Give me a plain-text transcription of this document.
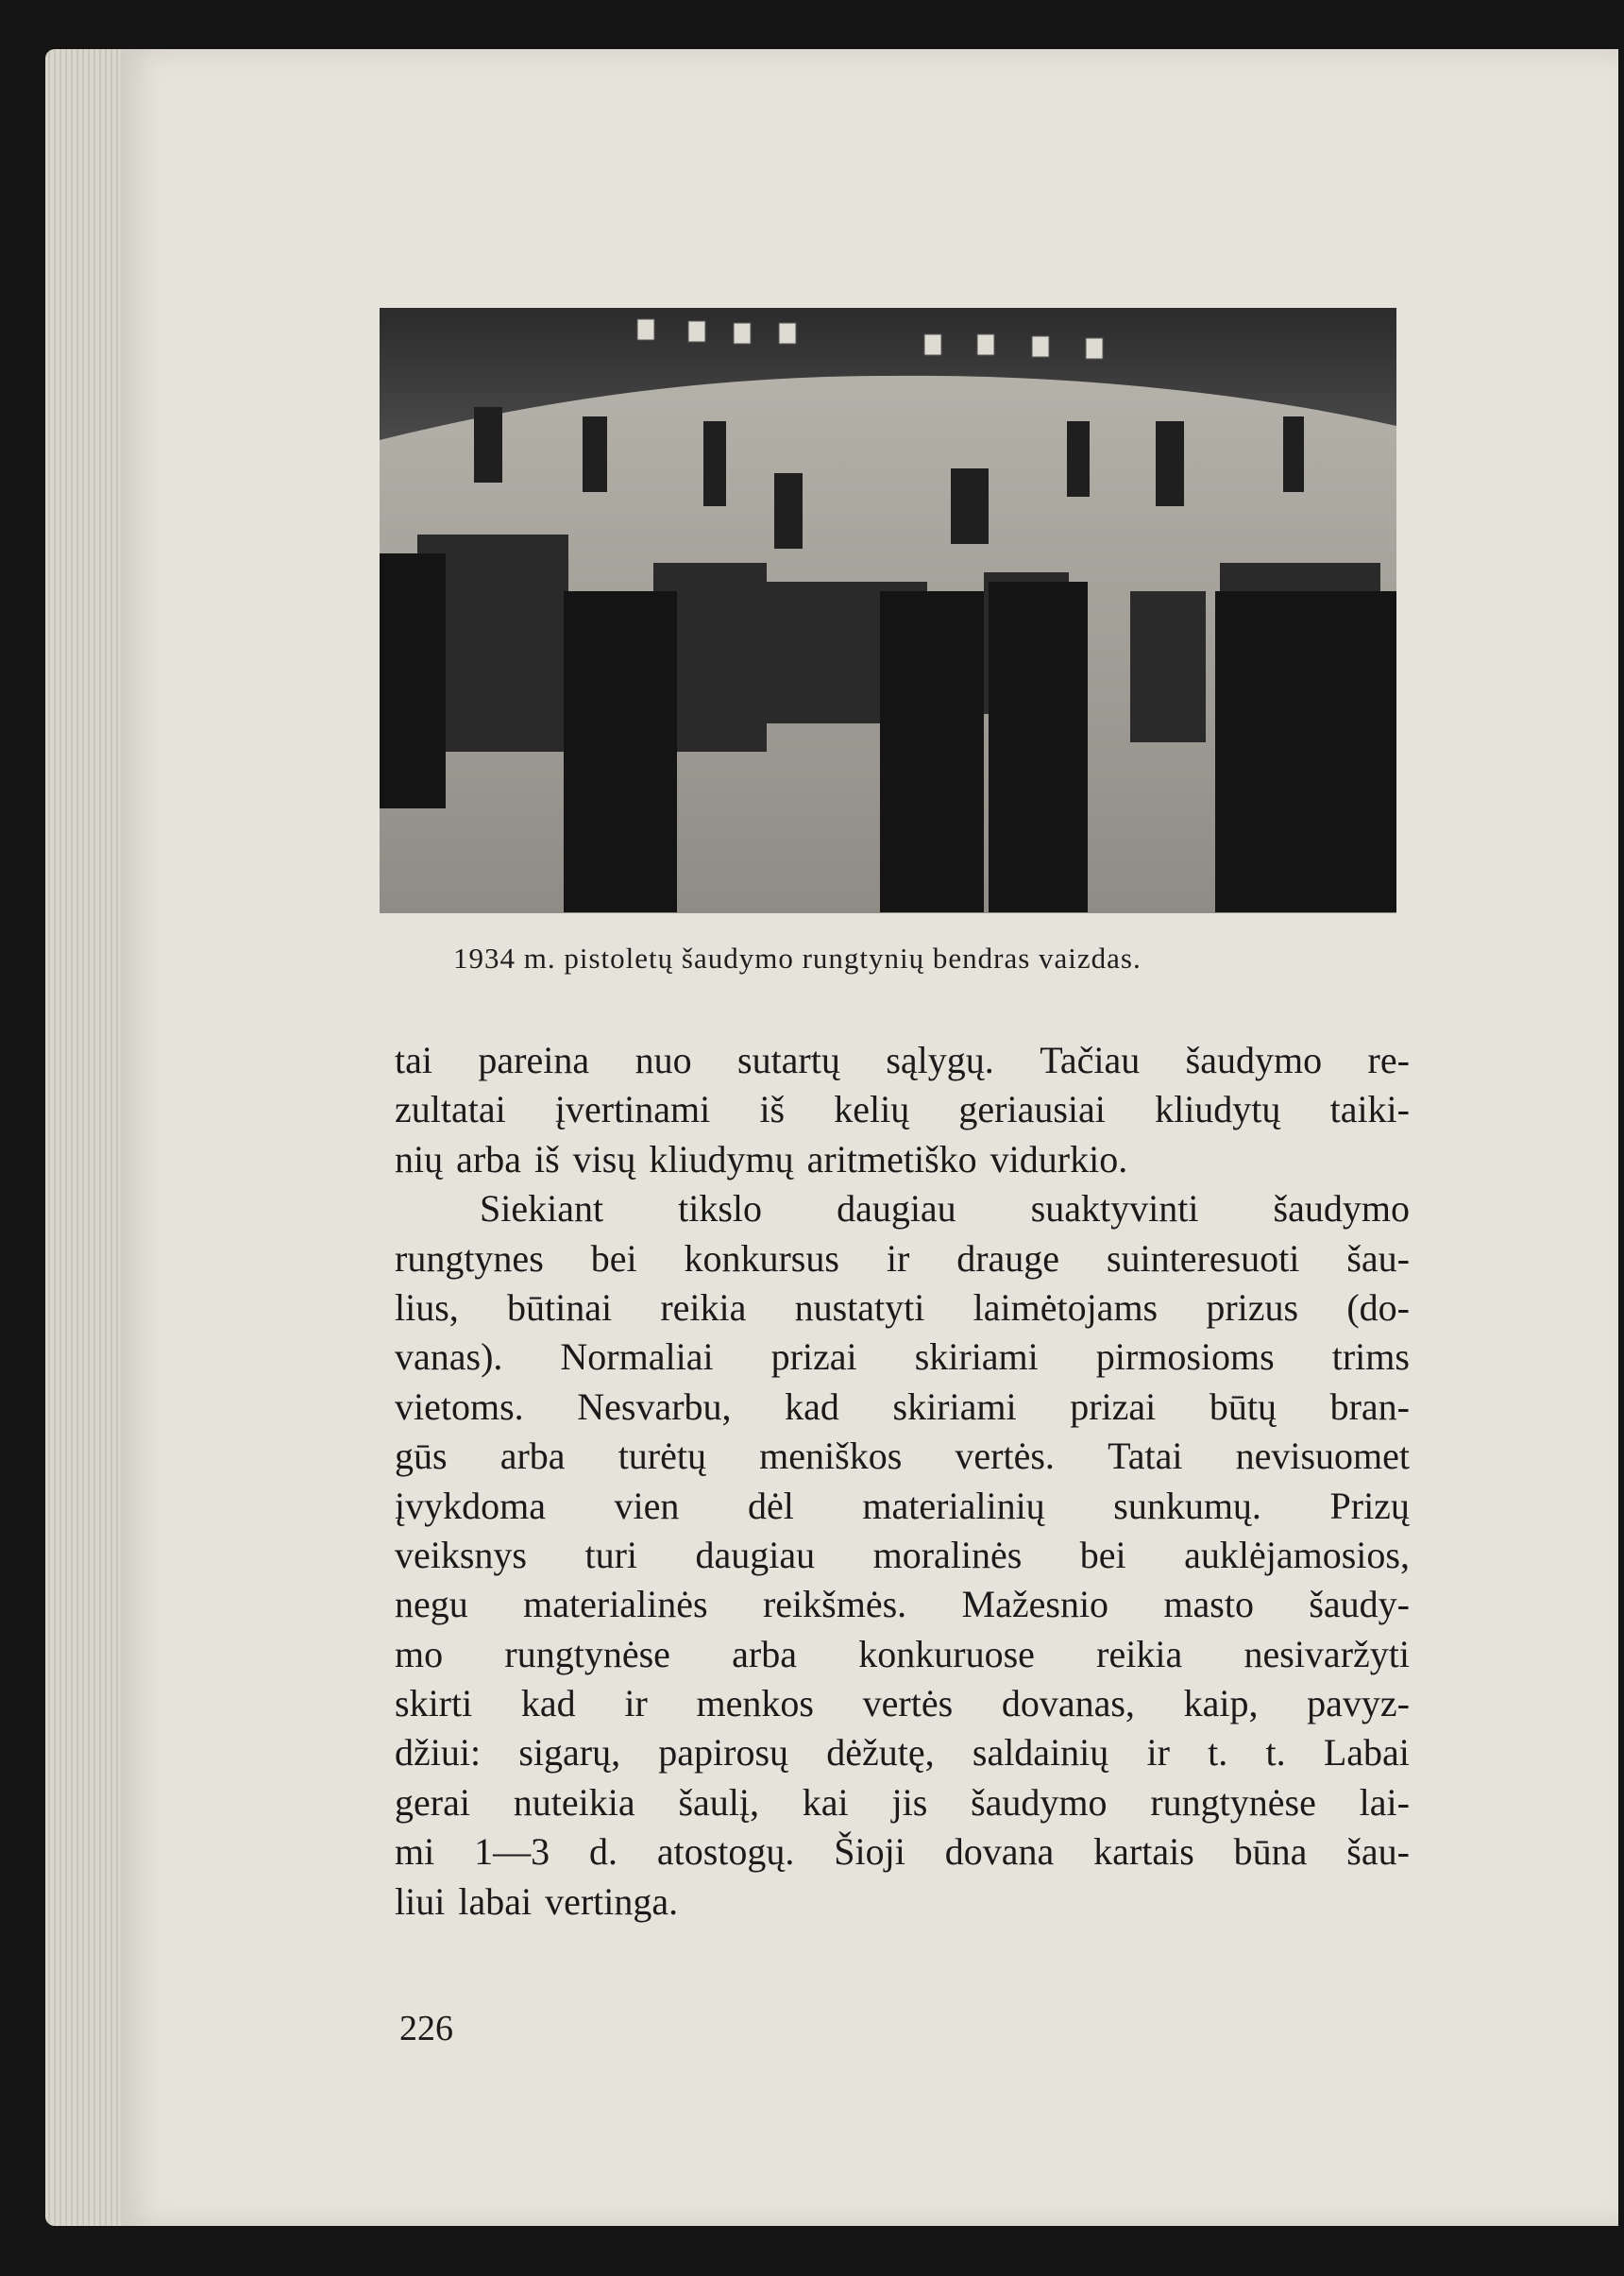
1934 m. pistoletų šaudymo rungtynių bendras vaizdas.
tai pareina nuo sutartų sąlygų. Tačiau šaudymo re-
zultatai įvertinami iš kelių geriausiai kliudytų taiki-
nių arba iš visų kliudymų aritmetiško vidurkio.
Siekiant tikslo daugiau suaktyvinti šaudymo
rungtynes bei konkursus ir drauge suinteresuoti šau-
lius, būtinai reikia nustatyti laimėtojams prizus (do-
vanas). Normaliai prizai skiriami pirmosioms trims
vietoms. Nesvarbu, kad skiriami prizai būtų bran-
gūs arba turėtų meniškos vertės. Tatai nevisuomet
įvykdoma vien dėl materialinių sunkumų. Prizų
veiksnys turi daugiau moralinės bei auklėjamosios,
negu materialinės reikšmės. Mažesnio masto šaudy-
mo rungtynėse arba konkuruose reikia nesivaržyti
skirti kad ir menkos vertės dovanas, kaip, pavyz-
džiui: sigarų, papirosų dėžutę, saldainių ir t. t. Labai
gerai nuteikia šaulį, kai jis šaudymo rungtynėse lai-
mi 1—3 d. atostogų. Šioji dovana kartais būna šau-
liui labai vertinga.
226
